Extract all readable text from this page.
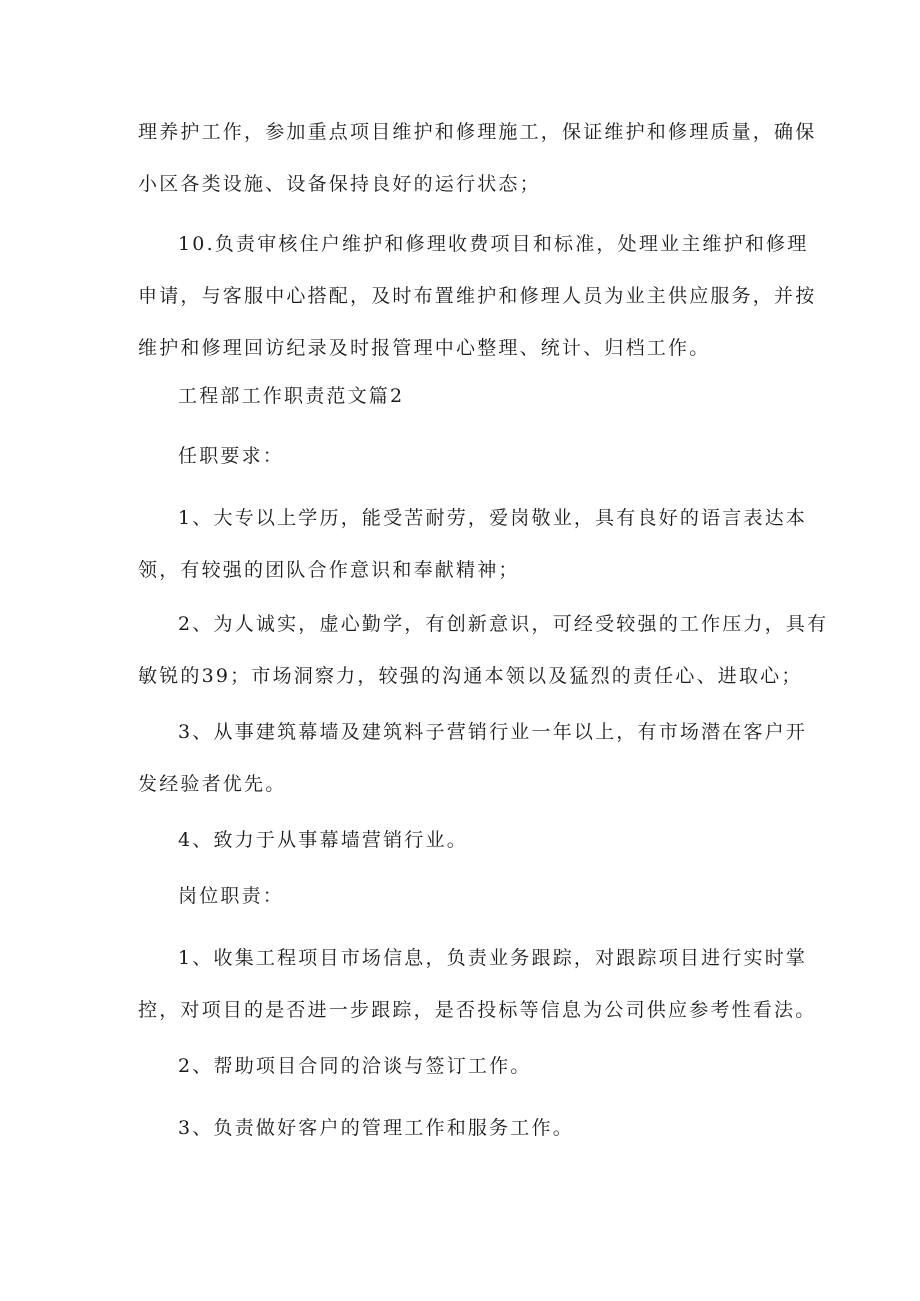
理养护工作，参加重点项目维护和修理施工，保证维护和修理质量，确保
小区各类设施、设备保持良好的运行状态；

10.负责审核住户维护和修理收费项目和标准，处理业主维护和修理
申请，与客服中心搭配，及时布置维护和修理人员为业主供应服务，并按
维护和修理回访纪录及时报管理中心整理、统计、归档工作。

工程部工作职责范文篇2

任职要求：

1、大专以上学历，能受苦耐劳，爱岗敬业，具有良好的语言表达本
领，有较强的团队合作意识和奉献精神；

2、为人诚实，虚心勤学，有创新意识，可经受较强的工作压力，具有
敏锐的39；市场洞察力，较强的沟通本领以及猛烈的责任心、进取心；

3、从事建筑幕墙及建筑料子营销行业一年以上，有市场潜在客户开
发经验者优先。

4、致力于从事幕墙营销行业。

岗位职责：

1、收集工程项目市场信息，负责业务跟踪，对跟踪项目进行实时掌
控，对项目的是否进一步跟踪，是否投标等信息为公司供应参考性看法。

2、帮助项目合同的洽谈与签订工作。

3、负责做好客户的管理工作和服务工作。
